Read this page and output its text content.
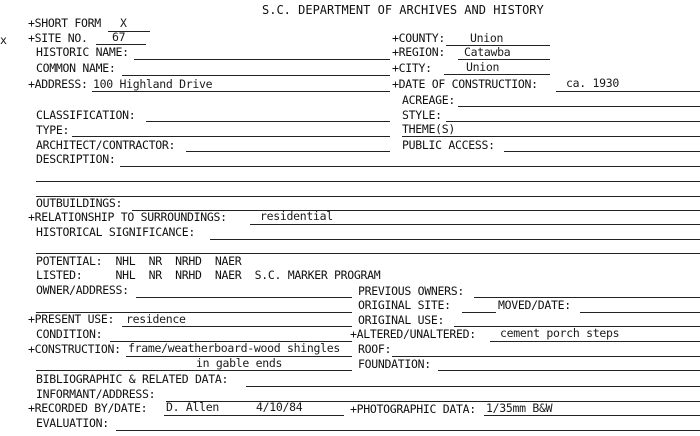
S.C. DEPARTMENT OF ARCHIVES AND HISTORY
x
+SHORT FORM X
+SITE NO. 67	+COUNTY: Union
HISTORIC NAME:	+REGION: Catawba
COMMON NAME:	+CITY:	Union
+ADDRESS: 100 Highland Drive	+DATE OF CONSTRUCTION: ca. 1930
ACREAGE:
CLASSIFICATION:	STYLE:
TYPE:	THEME(S)
ARCHITECT/CONTRACTOR:	PUBLIC ACCESS:
DESCRIPTION:
OUTBUILDINGS:
+RELATIONSHIP TO SURROUNDINGS:	residential
HISTORICAL SIGNIFICANCE:
POTENTIAL:  NHL  NR  NRHD  NAER
LISTED:     NHL  NR  NRHD  NAER  S.C. MARKER PROGRAM
OWNER/ADDRESS:	PREVIOUS OWNERS:
ORIGINAL SITE:	MOVED/DATE:
+PRESENT USE: residence	ORIGINAL USE:
CONDITION:	+ALTERED/UNALTERED: cement porch steps
+CONSTRUCTION: frame/weatherboard-wood shingles ROOF:
in gable ends	FOUNDATION:
BIBLIOGRAPHIC & RELATED DATA:
INFORMANT/ADDRESS:
+RECORDED BY/DATE: D. Allen	4/10/84	+PHOTOGRAPHIC DATA: 1/35mm B&W
EVALUATION:
